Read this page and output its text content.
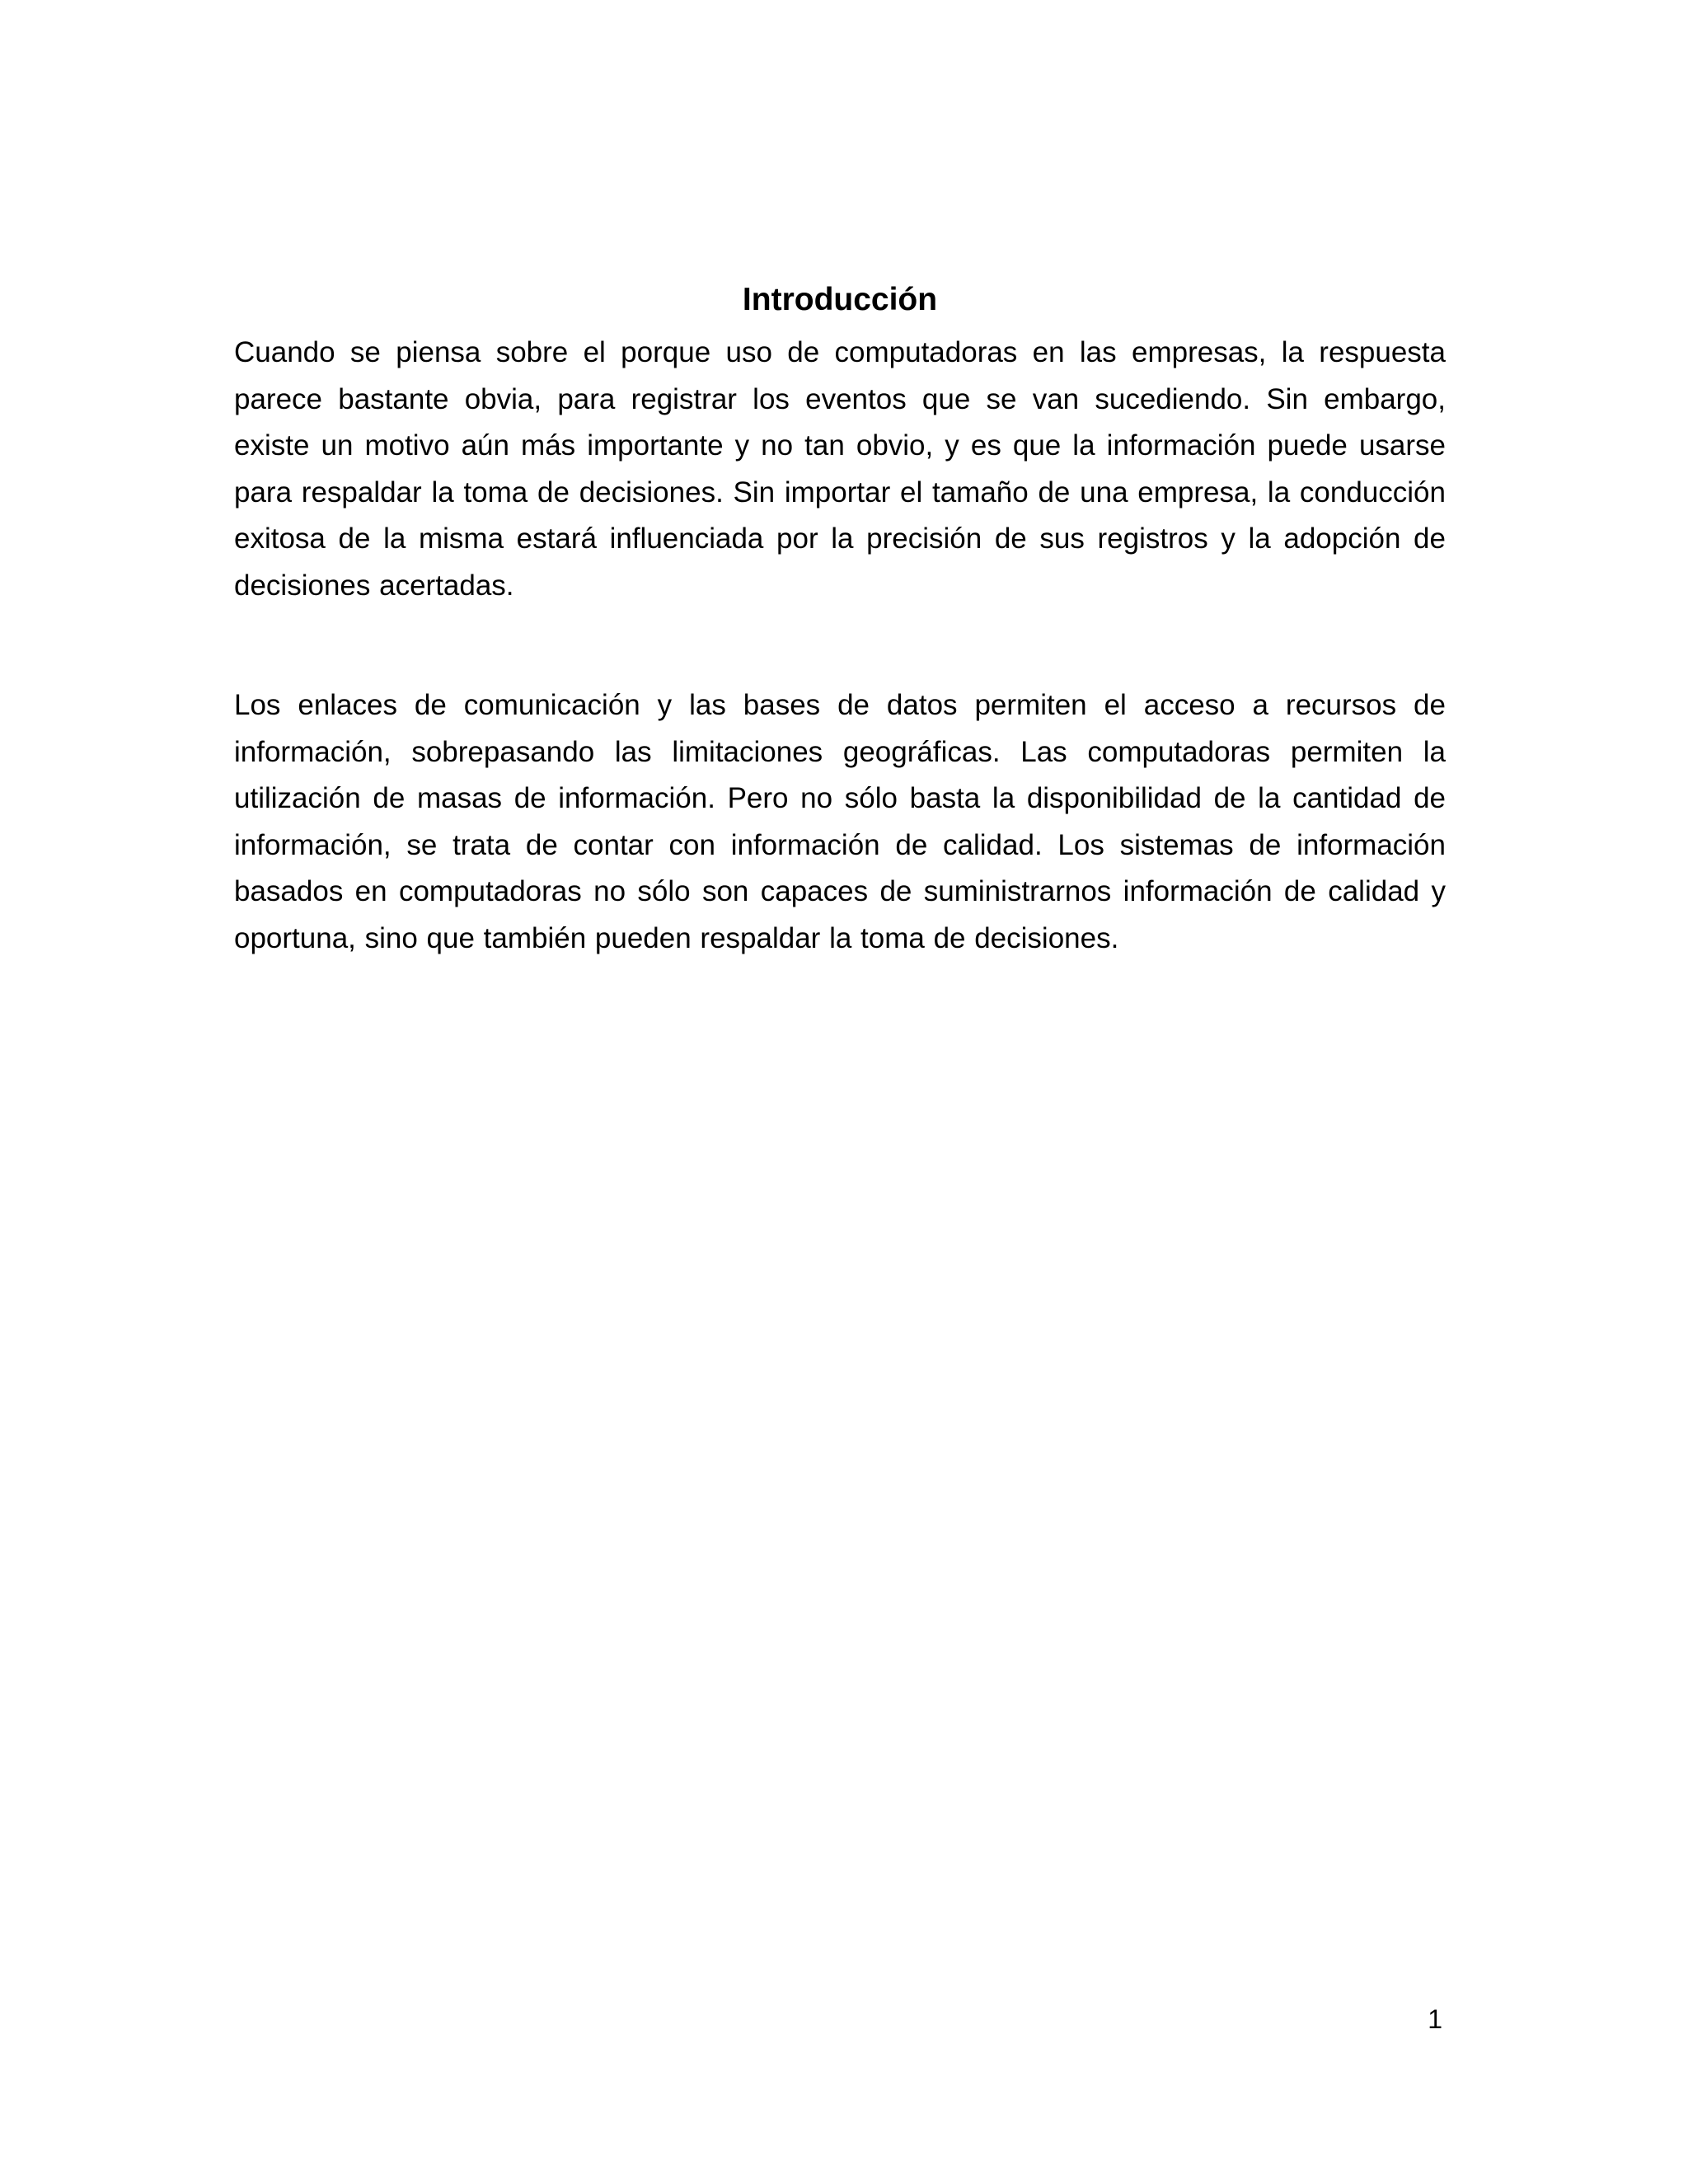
Introducción

Cuando se piensa sobre el porque uso de computadoras en las empresas, la respuesta parece bastante obvia, para registrar los eventos que se van sucediendo. Sin embargo, existe un motivo aún más importante y no tan obvio, y es que la información puede usarse para respaldar la toma de decisiones. Sin importar el tamaño de una empresa, la conducción exitosa de la misma estará influenciada por la precisión de sus registros y la adopción de decisiones acertadas.

Los enlaces de comunicación y las bases de datos permiten el acceso a recursos de información, sobrepasando las limitaciones geográficas. Las computadoras permiten la utilización de masas de información. Pero no sólo basta la disponibilidad de la cantidad de información, se trata de contar con información de calidad. Los sistemas de información basados en computadoras no sólo son capaces de suministrarnos información de calidad y oportuna, sino que también pueden respaldar la toma de decisiones.

1
